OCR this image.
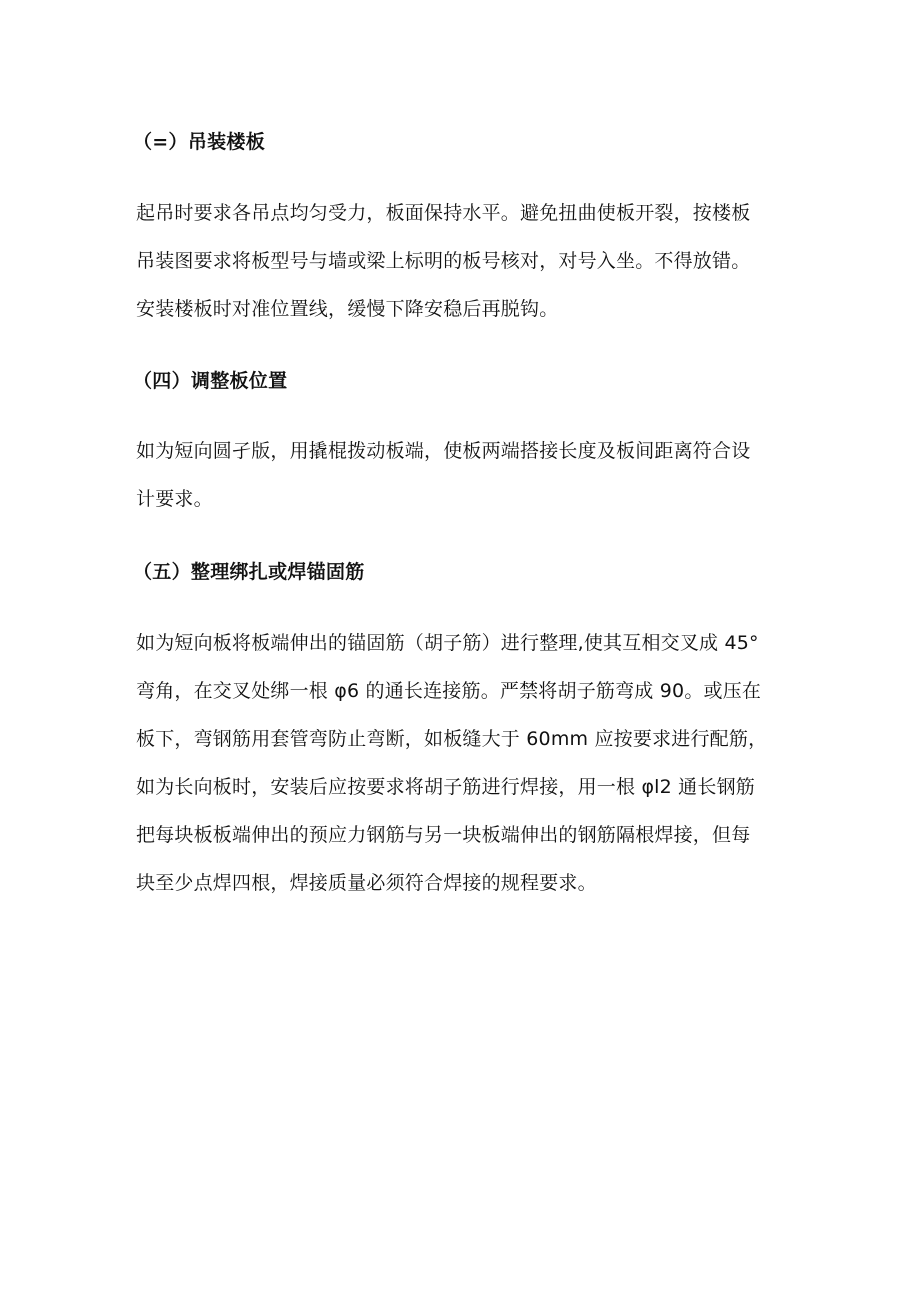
（=）吊装楼板
起吊时要求各吊点均匀受力，板面保持水平。避免扭曲使板开裂，按楼板
吊装图要求将板型号与墙或梁上标明的板号核对，对号入坐。不得放错。
安装楼板时对准位置线，缓慢下降安稳后再脱钩。
（四）调整板位置
如为短向圆孑版，用撬棍拨动板端，使板两端搭接长度及板间距离符合设
计要求。
（五）整理绑扎或焊锚固筋
如为短向板将板端伸出的锚固筋（胡子筋）进行整理,使其互相交叉成 45°
弯角，在交叉处绑一根 φ6 的通长连接筋。严禁将胡子筋弯成 90。或压在
板下，弯钢筋用套管弯防止弯断，如板缝大于 60mm 应按要求进行配筋，
如为长向板时，安装后应按要求将胡子筋进行焊接，用一根 φl2 通长钢筋
把每块板板端伸出的预应力钢筋与另一块板端伸出的钢筋隔根焊接，但每
块至少点焊四根，焊接质量必须符合焊接的规程要求。
